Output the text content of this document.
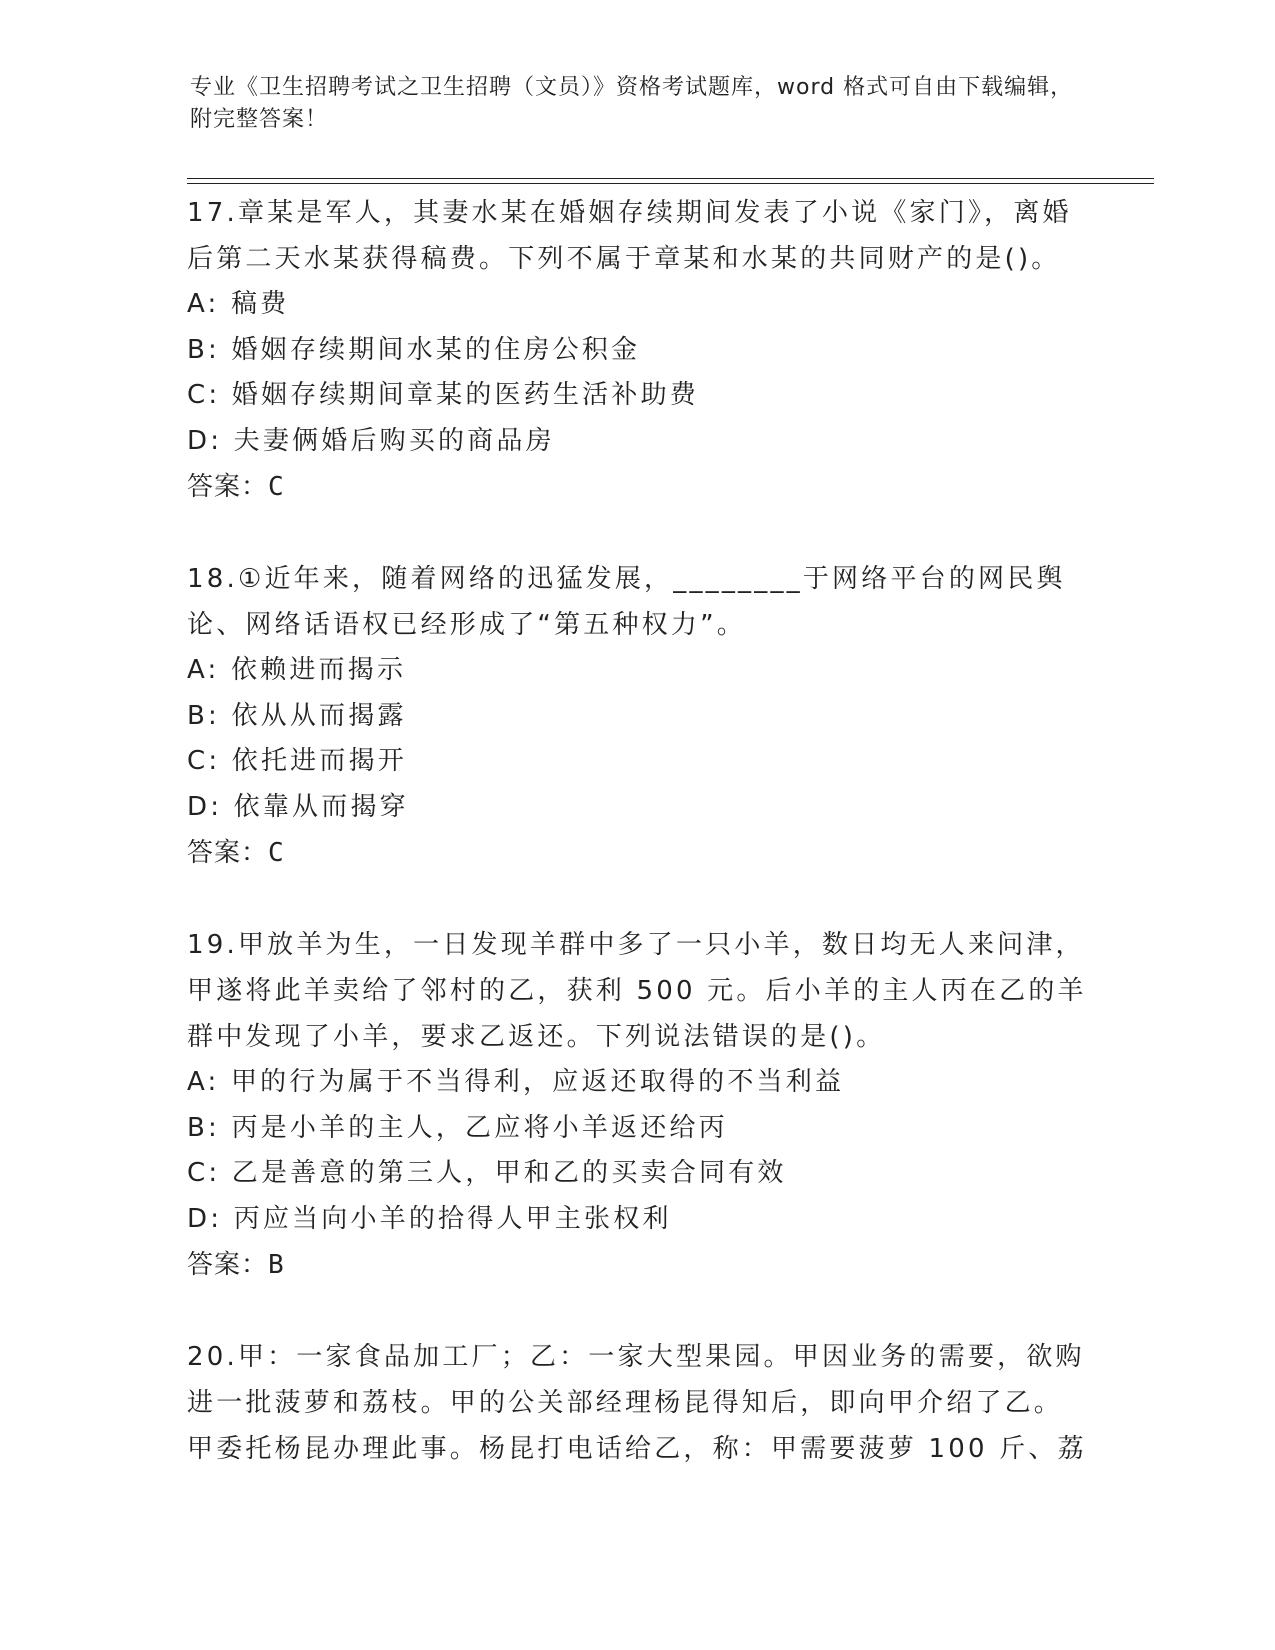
专业《卫生招聘考试之卫生招聘（文员）》资格考试题库，word 格式可自由下载编辑，附完整答案！

17.章某是军人，其妻水某在婚姻存续期间发表了小说《家门》，离婚后第二天水某获得稿费。下列不属于章某和水某的共同财产的是()。

A: 稿费

B: 婚姻存续期间水某的住房公积金

C: 婚姻存续期间章某的医药生活补助费

D: 夫妻俩婚后购买的商品房

答案：C

18.①近年来，随着网络的迅猛发展，________于网络平台的网民舆论、网络话语权已经形成了“第五种权力”。

A: 依赖进而揭示

B: 依从从而揭露

C: 依托进而揭开

D: 依靠从而揭穿

答案：C

19.甲放羊为生，一日发现羊群中多了一只小羊，数日均无人来问津，甲遂将此羊卖给了邻村的乙，获利 500 元。后小羊的主人丙在乙的羊群中发现了小羊，要求乙返还。下列说法错误的是()。

A: 甲的行为属于不当得利，应返还取得的不当利益

B: 丙是小羊的主人，乙应将小羊返还给丙

C: 乙是善意的第三人，甲和乙的买卖合同有效

D: 丙应当向小羊的拾得人甲主张权利

答案：B

20.甲：一家食品加工厂；乙：一家大型果园。甲因业务的需要，欲购进一批菠萝和荔枝。甲的公关部经理杨昆得知后，即向甲介绍了乙。甲委托杨昆办理此事。杨昆打电话给乙，称：甲需要菠萝 100 斤、荔
